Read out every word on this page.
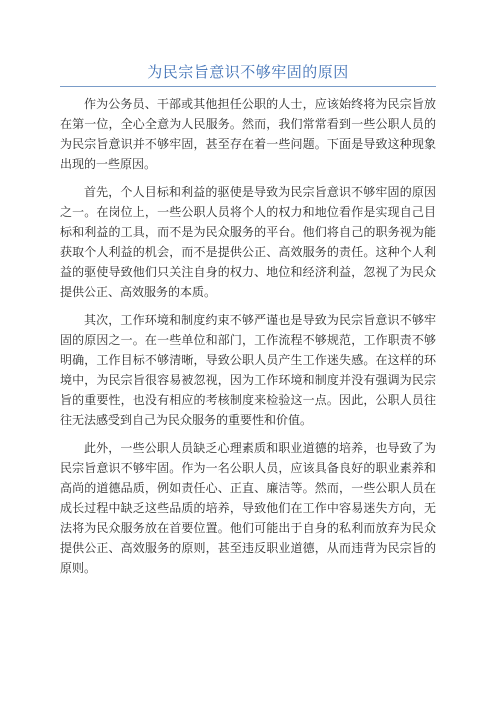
为民宗旨意识不够牢固的原因

作为公务员、干部或其他担任公职的人士，应该始终将为民宗旨放在第一位，全心全意为人民服务。然而，我们常常看到一些公职人员的为民宗旨意识并不够牢固，甚至存在着一些问题。下面是导致这种现象出现的一些原因。

首先，个人目标和利益的驱使是导致为民宗旨意识不够牢固的原因之一。在岗位上，一些公职人员将个人的权力和地位看作是实现自己目标和利益的工具，而不是为民众服务的平台。他们将自己的职务视为能获取个人利益的机会，而不是提供公正、高效服务的责任。这种个人利益的驱使导致他们只关注自身的权力、地位和经济利益，忽视了为民众提供公正、高效服务的本质。

其次，工作环境和制度约束不够严谨也是导致为民宗旨意识不够牢固的原因之一。在一些单位和部门，工作流程不够规范，工作职责不够明确，工作目标不够清晰，导致公职人员产生工作迷失感。在这样的环境中，为民宗旨很容易被忽视，因为工作环境和制度并没有强调为民宗旨的重要性，也没有相应的考核制度来检验这一点。因此，公职人员往往无法感受到自己为民众服务的重要性和价值。

此外，一些公职人员缺乏心理素质和职业道德的培养，也导致了为民宗旨意识不够牢固。作为一名公职人员，应该具备良好的职业素养和高尚的道德品质，例如责任心、正直、廉洁等。然而，一些公职人员在成长过程中缺乏这些品质的培养，导致他们在工作中容易迷失方向，无法将为民众服务放在首要位置。他们可能出于自身的私利而放弃为民众提供公正、高效服务的原则，甚至违反职业道德，从而违背为民宗旨的原则。
